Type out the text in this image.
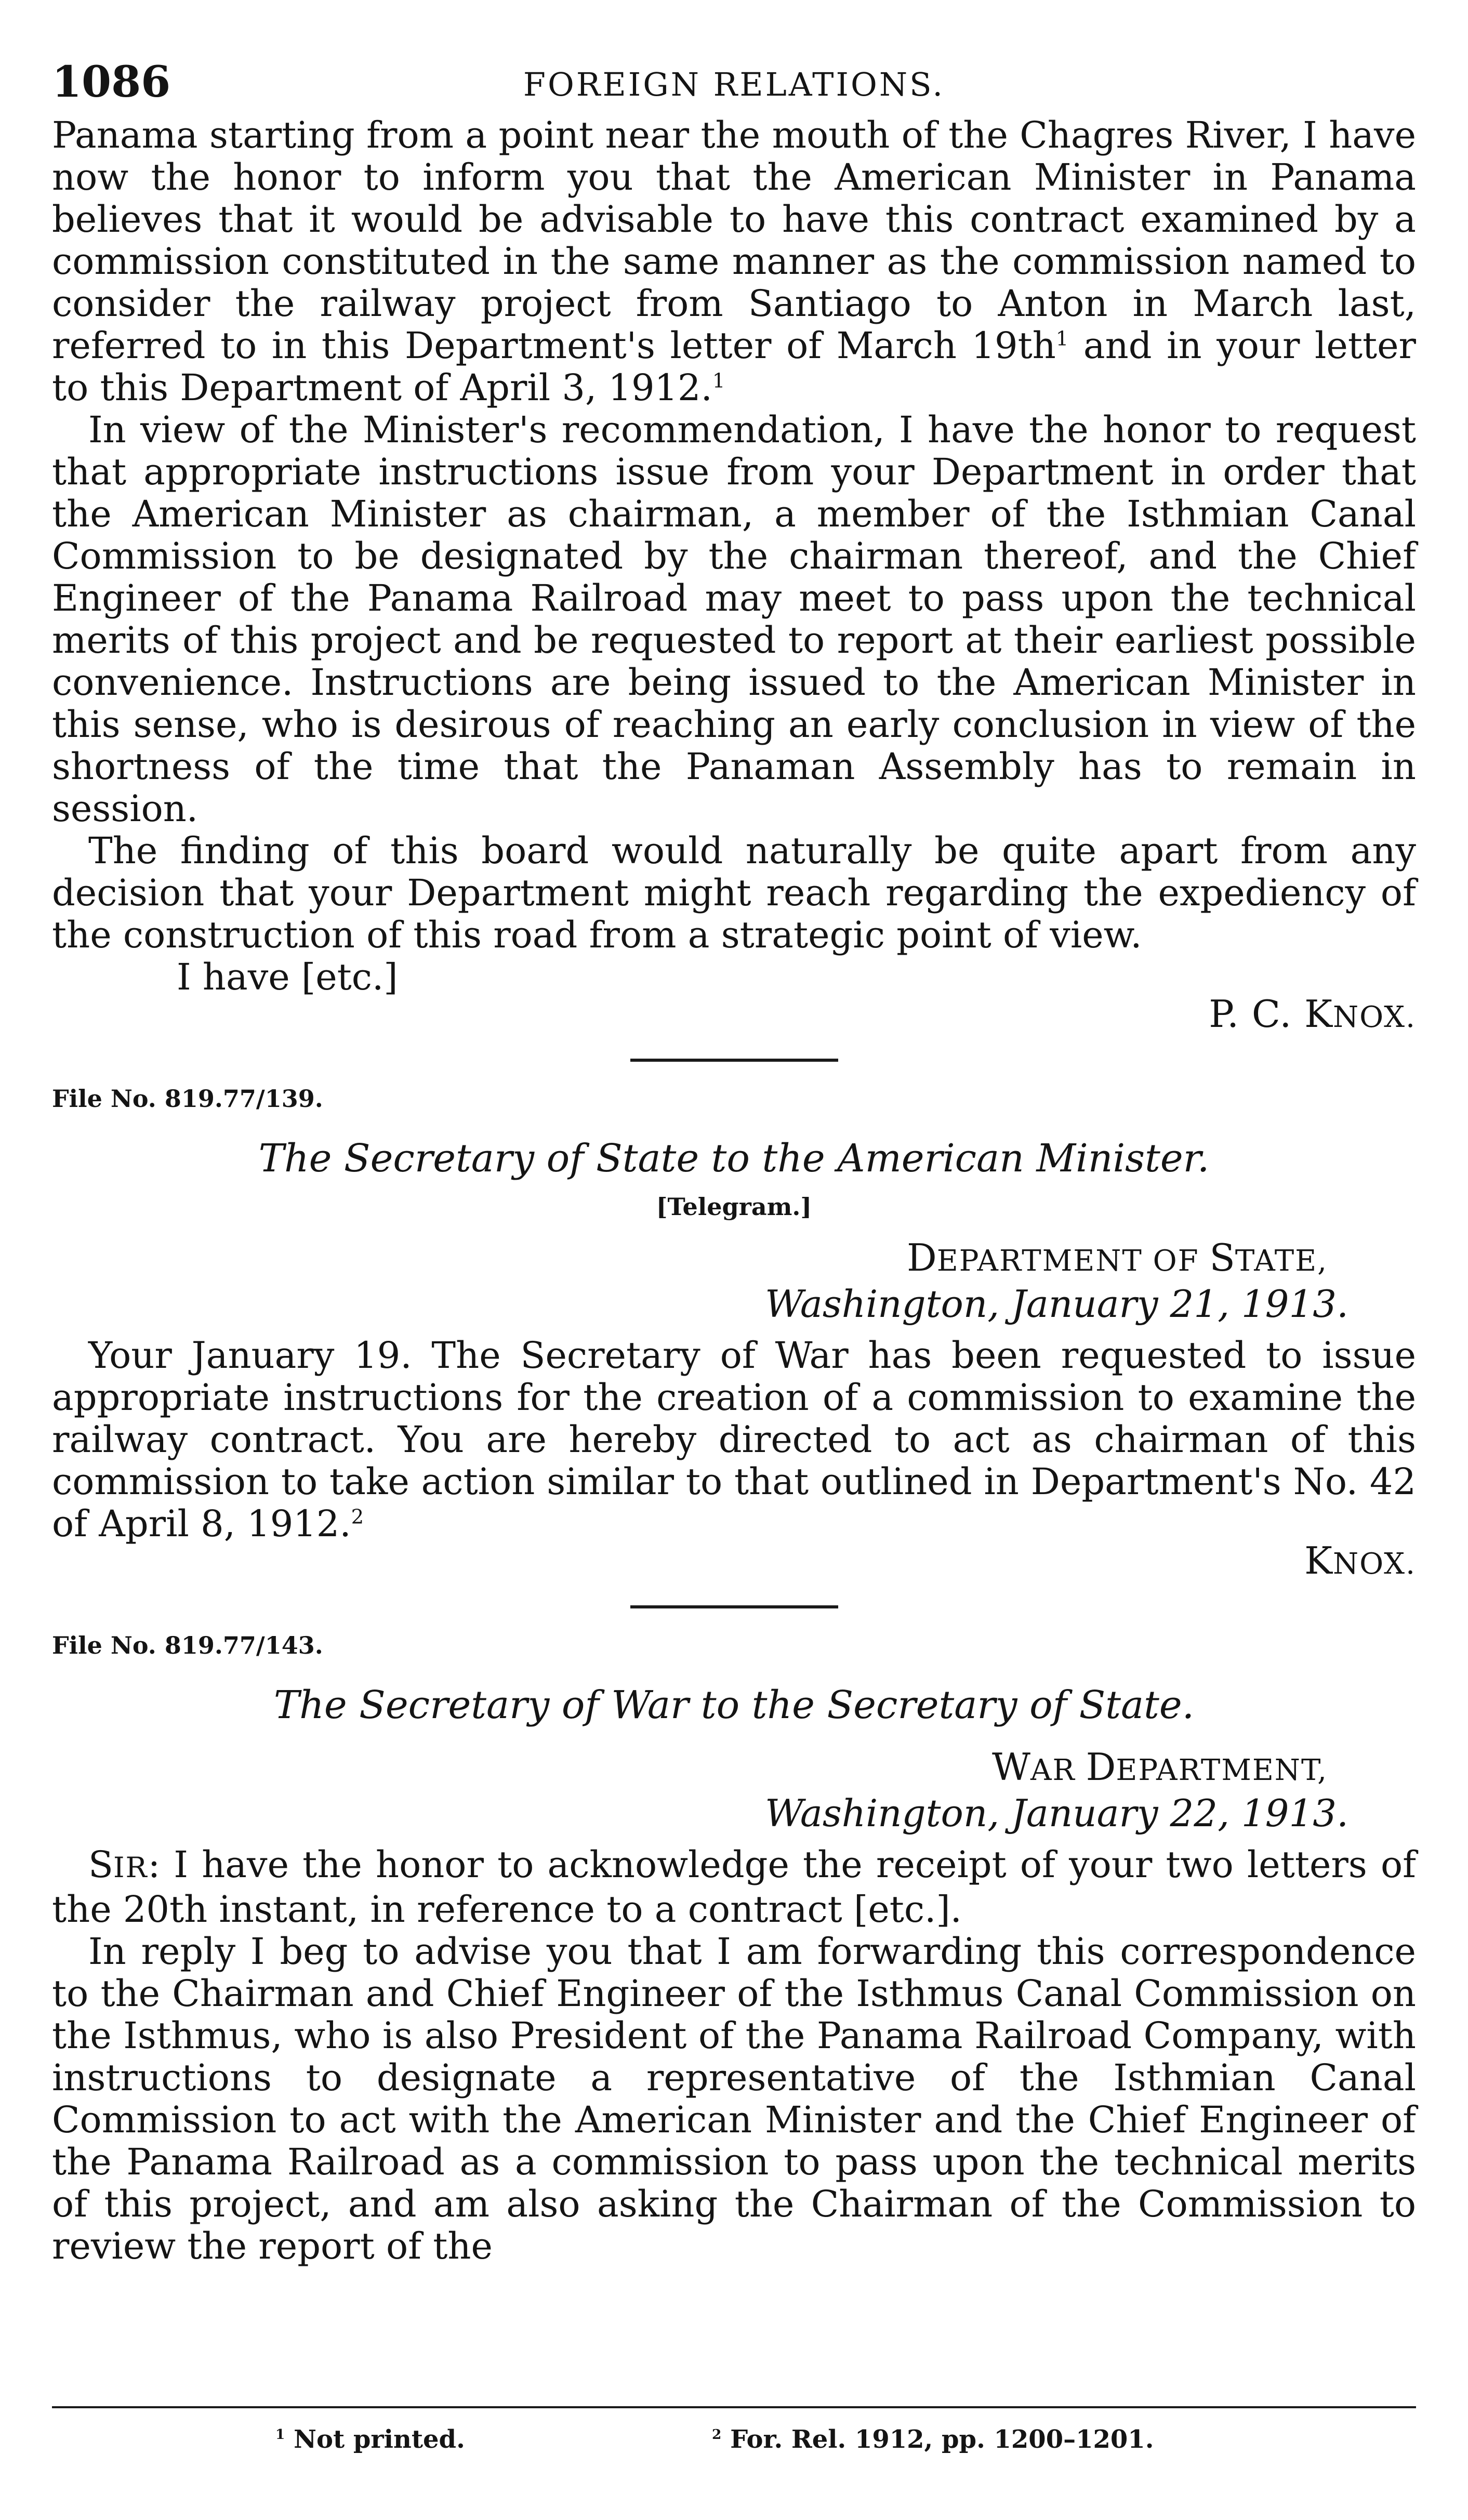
1086	FOREIGN RELATIONS.

Panama starting from a point near the mouth of the Chagres River, I have now the honor to inform you that the American Minister in Panama believes that it would be advisable to have this contract examined by a commission constituted in the same manner as the commission named to consider the railway project from Santiago to Anton in March last, referred to in this Department's letter of March $19th^1$ and in your letter to this Department of April 3, 1912.$^1$

In view of the Minister's recommendation, I have the honor to request that appropriate instructions issue from your Department in order that the American Minister as chairman, a member of the Isthmian Canal Commission to be designated by the chairman thereof, and the Chief Engineer of the Panama Railroad may meet to pass upon the technical merits of this project and be requested to report at their earliest possible convenience. Instructions are being issued to the American Minister in this sense, who is desirous of reaching an early conclusion in view of the shortness of the time that the Panaman Assembly has to remain in session.

The finding of this board would naturally be quite apart from any decision that your Department might reach regarding the expediency of the construction of this road from a strategic point of view.

I have [etc.]

P. C. KNOX.
File No. 819.77/139.
The Secretary of State to the American Minister.
[Telegram.]
DEPARTMENT OF STATE,
Washington, January 21, 1913.

Your January 19. The Secretary of War has been requested to issue appropriate instructions for the creation of a commission to examine the railway contract. You are hereby directed to act as chairman of this commission to take action similar to that outlined in Department's No. 42 of April 8, 1912.$^2$

KNOX.
File No. 819.77/143.
The Secretary of War to the Secretary of State.
WAR DEPARTMENT,
Washington, January 22, 1913.

SIR: I have the honor to acknowledge the receipt of your two letters of the 20th instant, in reference to a contract [etc.].

In reply I beg to advise you that I am forwarding this correspondence to the Chairman and Chief Engineer of the Isthmus Canal Commission on the Isthmus, who is also President of the Panama Railroad Company, with instructions to designate a representative of the Isthmian Canal Commission to act with the American Minister and the Chief Engineer of the Panama Railroad as a commission to pass upon the technical merits of this project, and am also asking the Chairman of the Commission to review the report of the

$^1$ Not printed.	$^2$ For. Rel. 1912, pp. 1200–1201.
